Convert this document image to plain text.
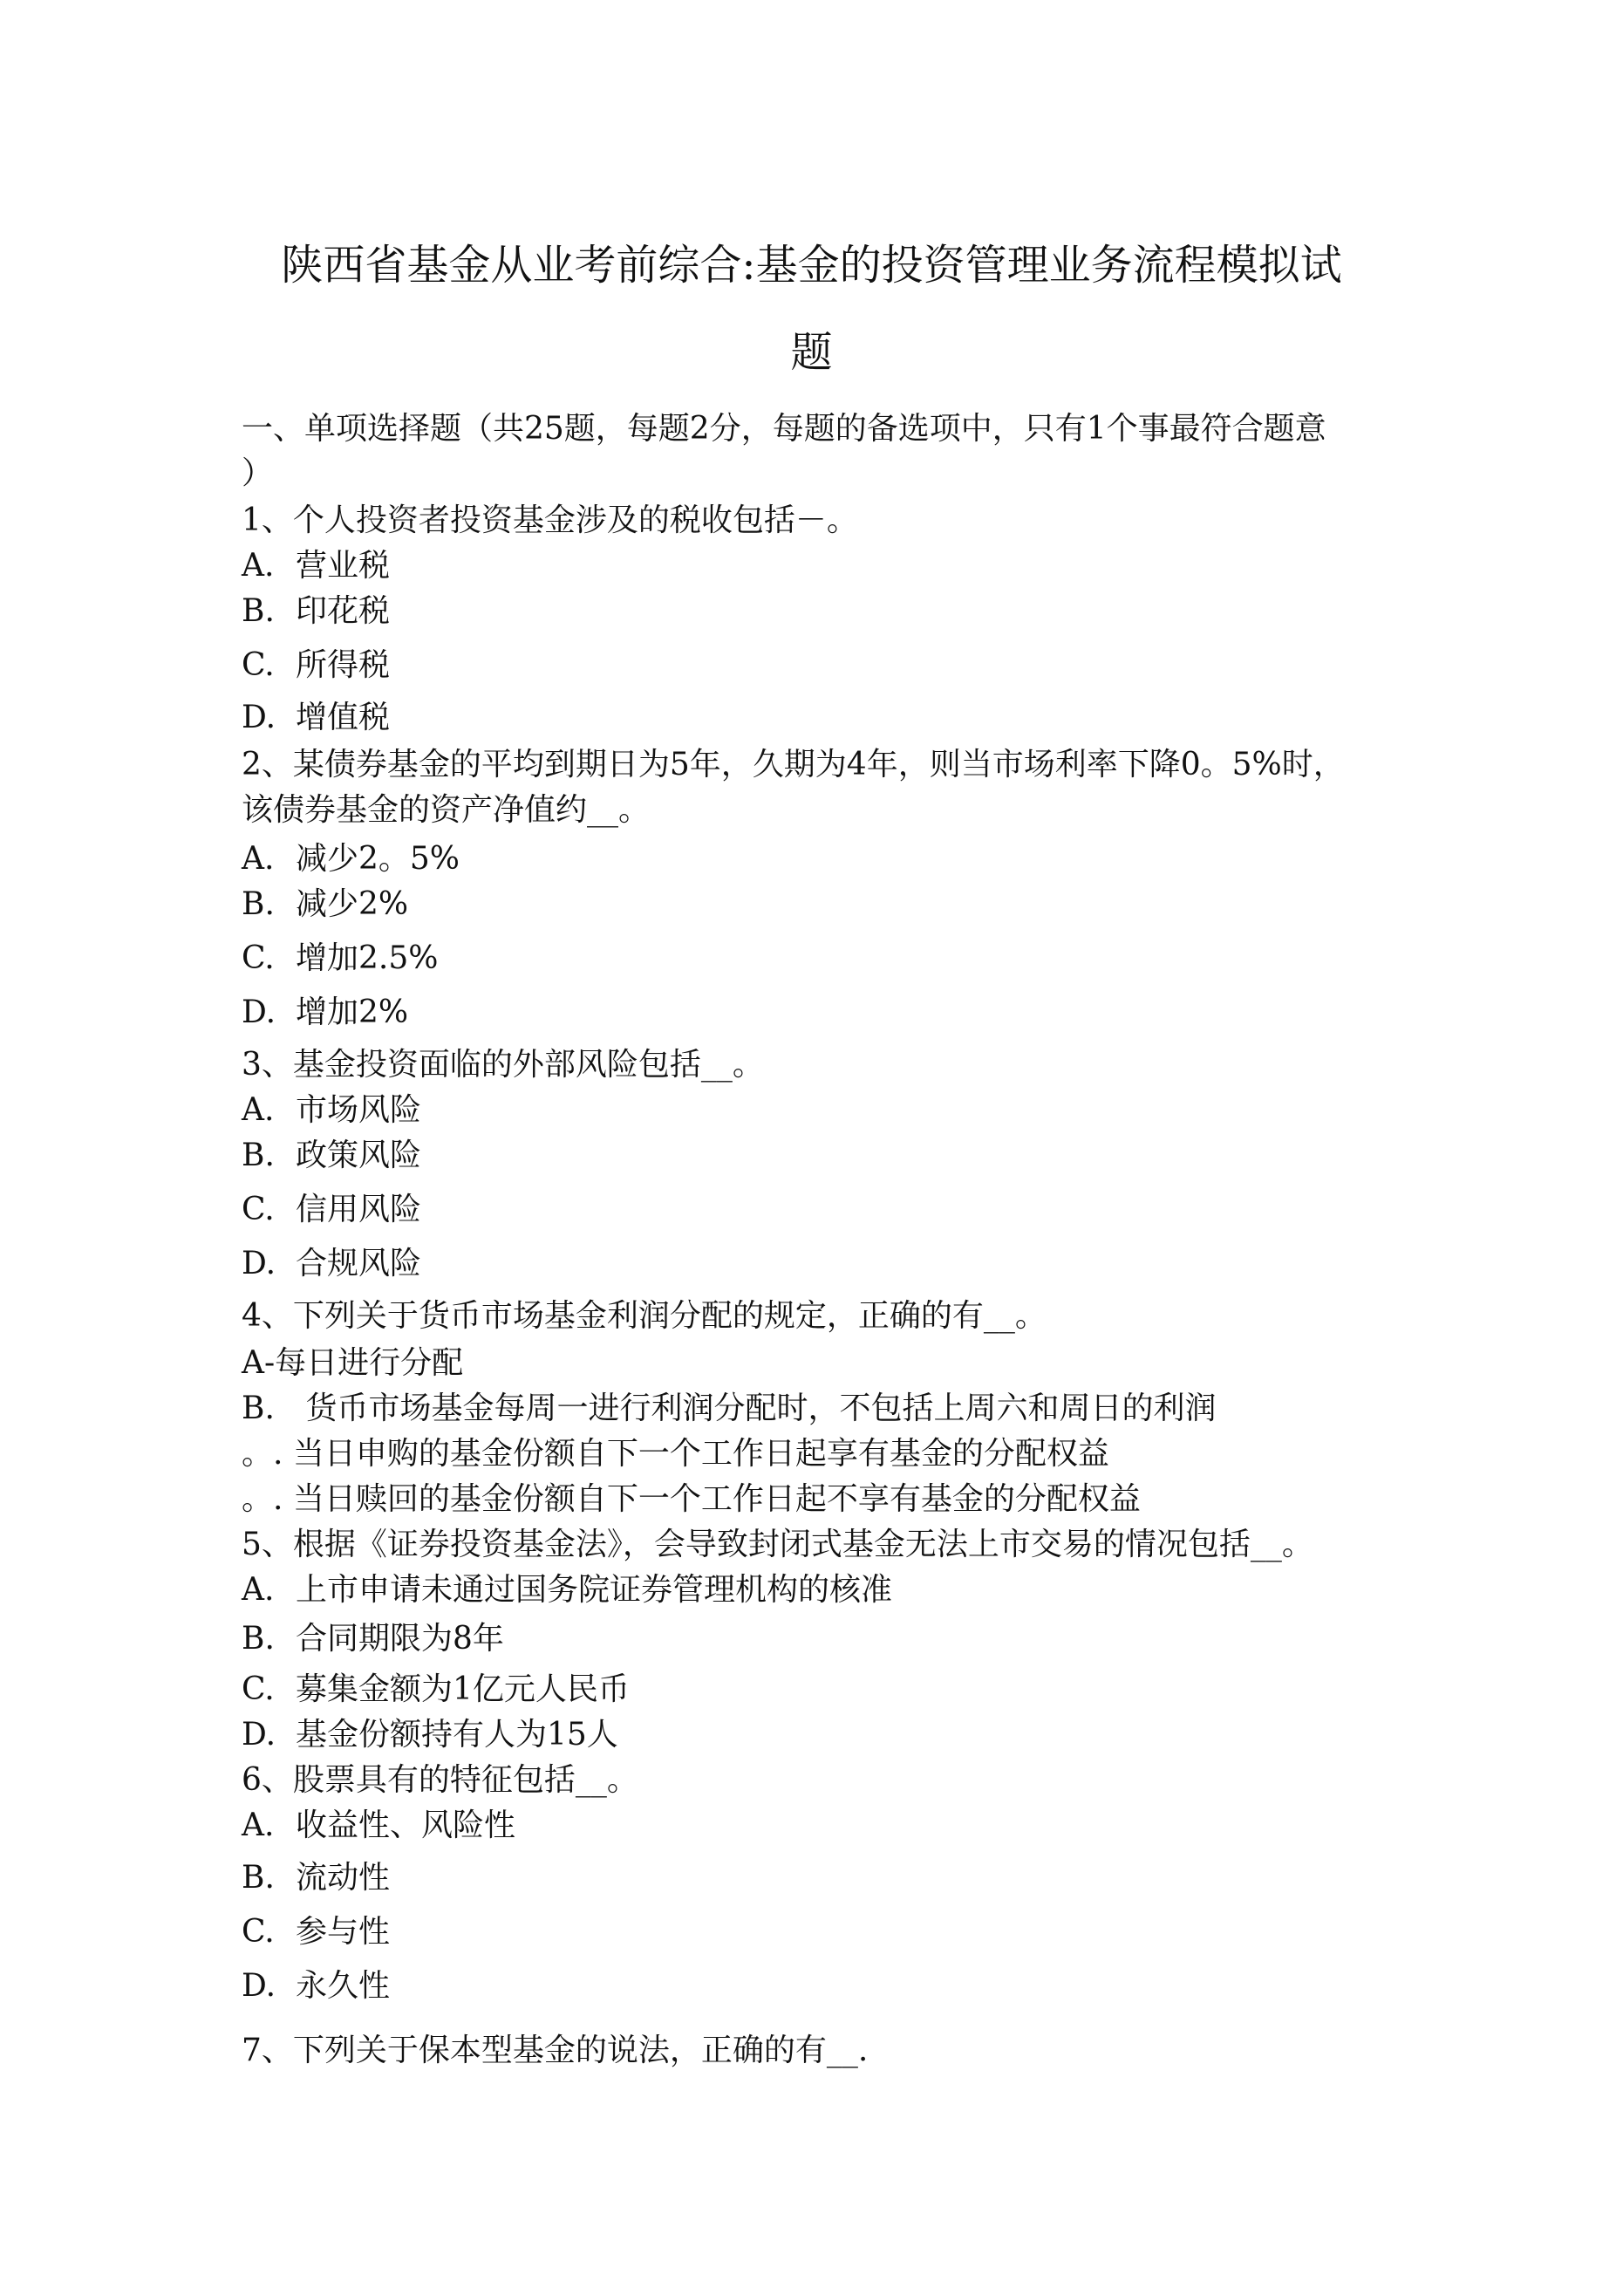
陕西省基金从业考前综合:基金的投资管理业务流程模拟试
题
一、单项选择题（共25题，每题2分，每题的备选项中，只有1个事最符合题意
）
1、个人投资者投资基金涉及的税收包括－。
A. 营业税
B. 印花税
C. 所得税
D. 增值税
2、某债券基金的平均到期日为5年，久期为4年，则当市场利率下降0。5%时，
该债券基金的资产净值约__。
A. 减少2。5%
B. 减少2%
C. 增加2.5%
D. 增加2%
3、基金投资面临的外部风险包括__。
A. 市场风险
B. 政策风险
C. 信用风险
D. 合规风险
4、下列关于货币市场基金利润分配的规定，正确的有__。
A-每日进行分配
B. 货币市场基金每周一进行利润分配时，不包括上周六和周日的利润
。. 当日申购的基金份额自下一个工作日起享有基金的分配权益
。. 当日赎回的基金份额自下一个工作日起不享有基金的分配权益
5、根据《证券投资基金法》，会导致封闭式基金无法上市交易的情况包括__。
A. 上市申请未通过国务院证券管理机构的核准
B. 合同期限为8年
C. 募集金额为1亿元人民币
D. 基金份额持有人为15人
6、股票具有的特征包括__。
A. 收益性、风险性
B. 流动性
C. 参与性
D. 永久性
7、下列关于保本型基金的说法，正确的有__.
